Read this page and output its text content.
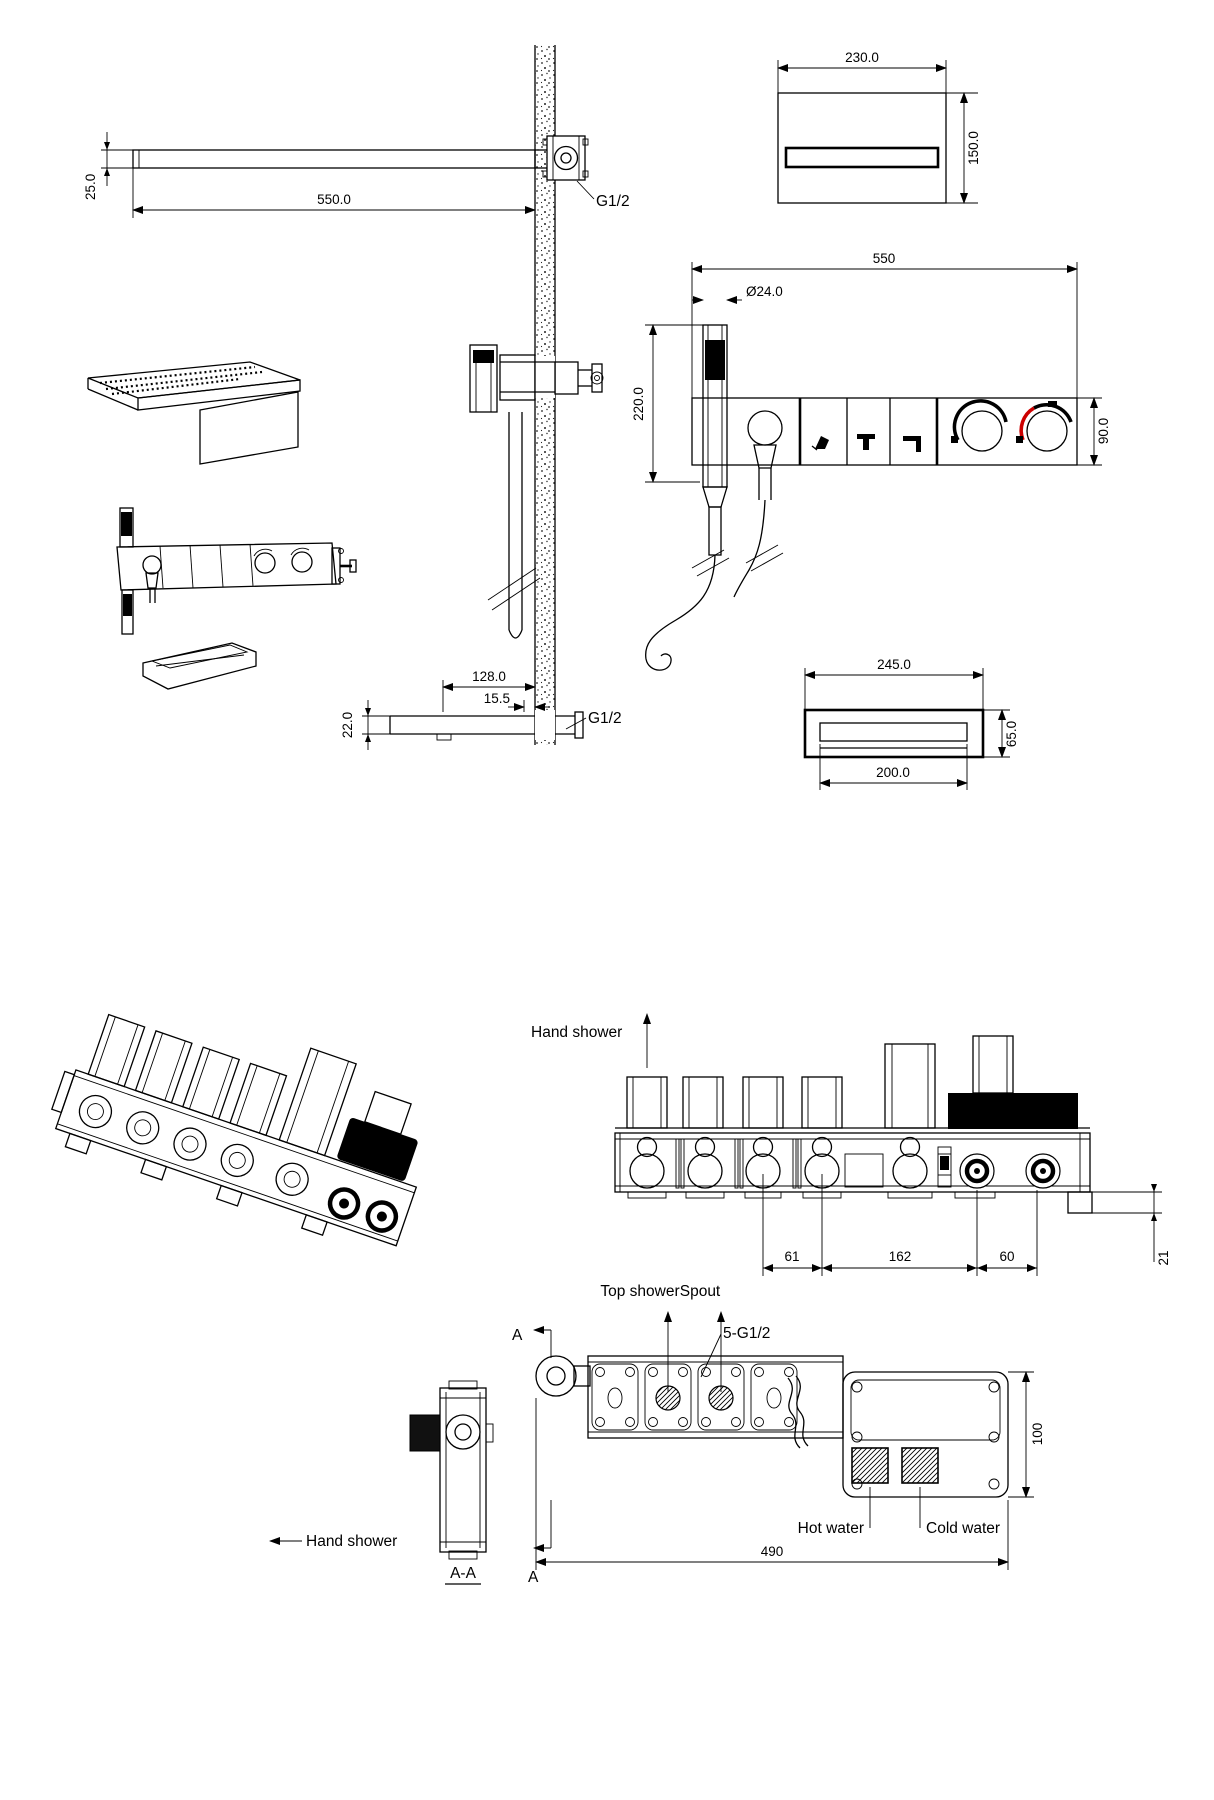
25.0	550.0	G1/2
230.0
150.0
550
Ø24.0
220.0
90.0
22.0
128.0
15.5
G1/2
245.0
200.0
65.0
Hand shower
61	162	60	21
Top shower Spout
5-G1/2
A
A
Hot water	Cold water
100
490
Hand shower
A-A
